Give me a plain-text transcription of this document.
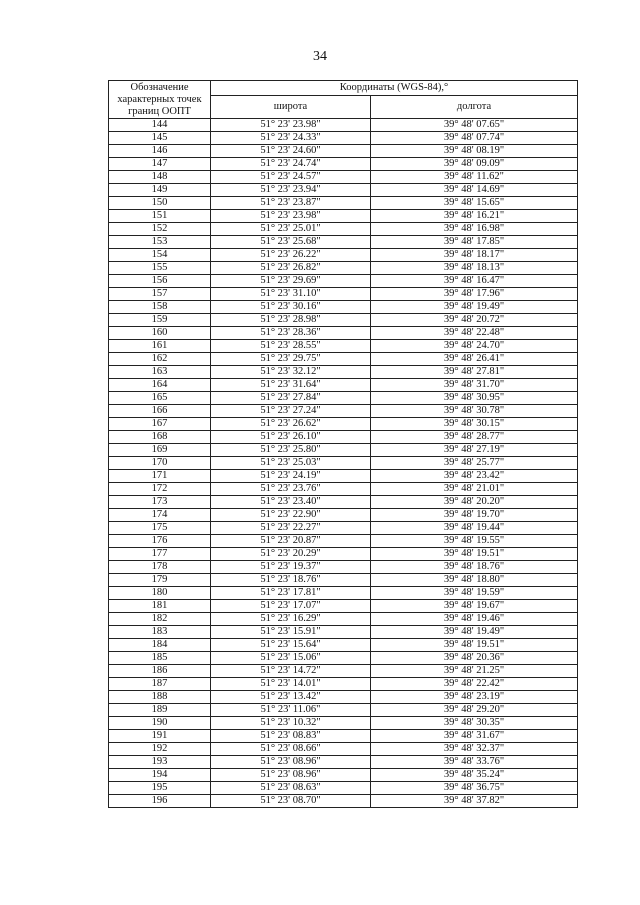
34
Обозначение характерных точек границ ООПТ	Координаты (WGS-84),°	
	широта	долгота
144	51° 23' 23.98"	39° 48' 07.65"
145	51° 23' 24.33"	39° 48' 07.74"
146	51° 23' 24.60"	39° 48' 08.19"
147	51° 23' 24.74"	39° 48' 09.09"
148	51° 23' 24.57"	39° 48' 11.62"
149	51° 23' 23.94"	39° 48' 14.69"
150	51° 23' 23.87"	39° 48' 15.65"
151	51° 23' 23.98"	39° 48' 16.21"
152	51° 23' 25.01"	39° 48' 16.98"
153	51° 23' 25.68"	39° 48' 17.85"
154	51° 23' 26.22"	39° 48' 18.17"
155	51° 23' 26.82"	39° 48' 18.13"
156	51° 23' 29.69"	39° 48' 16.47"
157	51° 23' 31.10"	39° 48' 17.96"
158	51° 23' 30.16"	39° 48' 19.49"
159	51° 23' 28.98"	39° 48' 20.72"
160	51° 23' 28.36"	39° 48' 22.48"
161	51° 23' 28.55"	39° 48' 24.70"
162	51° 23' 29.75"	39° 48' 26.41"
163	51° 23' 32.12"	39° 48' 27.81"
164	51° 23' 31.64"	39° 48' 31.70"
165	51° 23' 27.84"	39° 48' 30.95"
166	51° 23' 27.24"	39° 48' 30.78"
167	51° 23' 26.62"	39° 48' 30.15"
168	51° 23' 26.10"	39° 48' 28.77"
169	51° 23' 25.80"	39° 48' 27.19"
170	51° 23' 25.03"	39° 48' 25.77"
171	51° 23' 24.19"	39° 48' 23.42"
172	51° 23' 23.76"	39° 48' 21.01"
173	51° 23' 23.40"	39° 48' 20.20"
174	51° 23' 22.90"	39° 48' 19.70"
175	51° 23' 22.27"	39° 48' 19.44"
176	51° 23' 20.87"	39° 48' 19.55"
177	51° 23' 20.29"	39° 48' 19.51"
178	51° 23' 19.37"	39° 48' 18.76"
179	51° 23' 18.76"	39° 48' 18.80"
180	51° 23' 17.81"	39° 48' 19.59"
181	51° 23' 17.07"	39° 48' 19.67"
182	51° 23' 16.29"	39° 48' 19.46"
183	51° 23' 15.91"	39° 48' 19.49"
184	51° 23' 15.64"	39° 48' 19.51"
185	51° 23' 15.06"	39° 48' 20.36"
186	51° 23' 14.72"	39° 48' 21.25"
187	51° 23' 14.01"	39° 48' 22.42"
188	51° 23' 13.42"	39° 48' 23.19"
189	51° 23' 11.06"	39° 48' 29.20"
190	51° 23' 10.32"	39° 48' 30.35"
191	51° 23' 08.83"	39° 48' 31.67"
192	51° 23' 08.66"	39° 48' 32.37"
193	51° 23' 08.96"	39° 48' 33.76"
194	51° 23' 08.96"	39° 48' 35.24"
195	51° 23' 08.63"	39° 48' 36.75"
196	51° 23' 08.70"	39° 48' 37.82"
